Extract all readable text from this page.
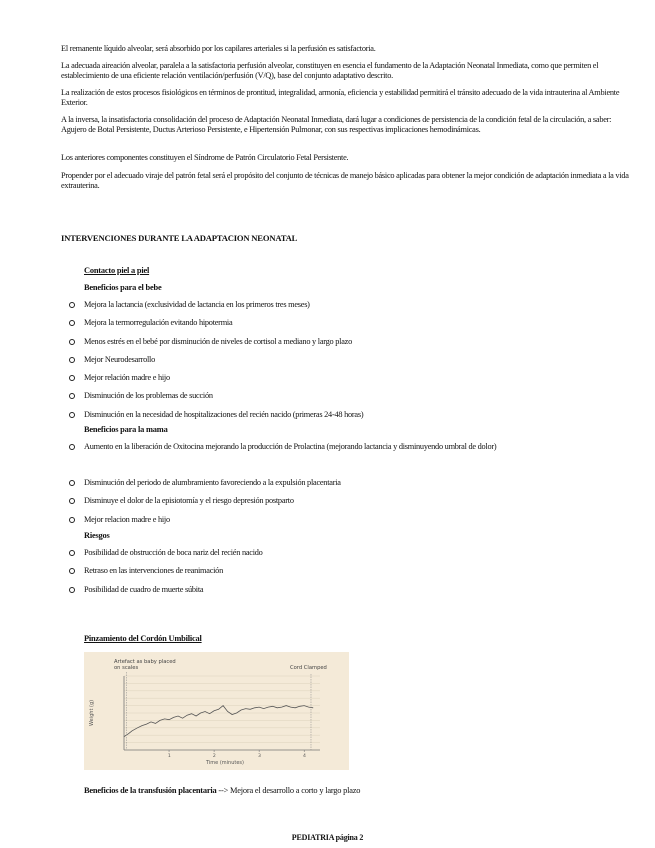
El remanente líquido alveolar, será absorbido por los capilares arteriales si la perfusión es satisfactoria.

La adecuada aireación alveolar, paralela a la satisfactoria perfusión alveolar, constituyen en esencia el fundamento de la Adaptación Neonatal Inmediata, como que permiten el establecimiento de una eficiente relación ventilación/perfusión (V/Q), base del conjunto adaptativo descrito.

La realización de estos procesos fisiológicos en términos de prontitud, integralidad, armonía, eficiencia y estabilidad permitirá el tránsito adecuado de la vida intrauterina al Ambiente Exterior.

A la inversa, la insatisfactoria consolidación del proceso de Adaptación Neonatal Inmediata, dará lugar a condiciones de persistencia de la condición fetal de la circulación, a saber: Agujero de Botal Persistente, Ductus Arterioso Persistente, e Hipertensión Pulmonar, con sus respectivas implicaciones hemodinámicas.

Los anteriores componentes constituyen el Síndrome de Patrón Circulatorio Fetal Persistente.

Propender por el adecuado viraje del patrón fetal será el propósito del conjunto de técnicas de manejo básico aplicadas para obtener la mejor condición de adaptación inmediata a la vida extrauterina.

INTERVENCIONES DURANTE LA ADAPTACION NEONATAL
Contacto piel a piel
Beneficios para el bebe
Mejora la lactancia (exclusividad de lactancia en los primeros tres meses)
Mejora la termorregulación evitando hipotermia
Menos estrés en el bebé por disminución de niveles de cortisol a mediano y largo plazo
Mejor Neurodesarrollo
Mejor relación madre e hijo
Disminución de los problemas de succión
Disminución en la necesidad de hospitalizaciones del recién nacido (primeras 24-48 horas)
Beneficios para la mama
Aumento en la liberación de Oxitocina mejorando la producción de Prolactina (mejorando lactancia y disminuyendo umbral de dolor)
Disminución del periodo de alumbramiento favoreciendo a la expulsión placentaria
Disminuye el dolor de la episiotomía y el riesgo depresión postparto
Mejor relacion madre e hijo
Riesgos
Posibilidad de obstrucción de boca nariz del recién nacido
Retraso en las intervenciones de reanimación
Posibilidad de cuadro de muerte súbita
Pinzamiento del Cordón Umbilical
1	2	3	4
Weight (g)
Time (minutes)
Artefact as baby placed on scales	Cord Clamped
Beneficios de la transfusión placentaria --> Mejora el desarrollo a corto y largo plazo
PEDIATRIA página 2
